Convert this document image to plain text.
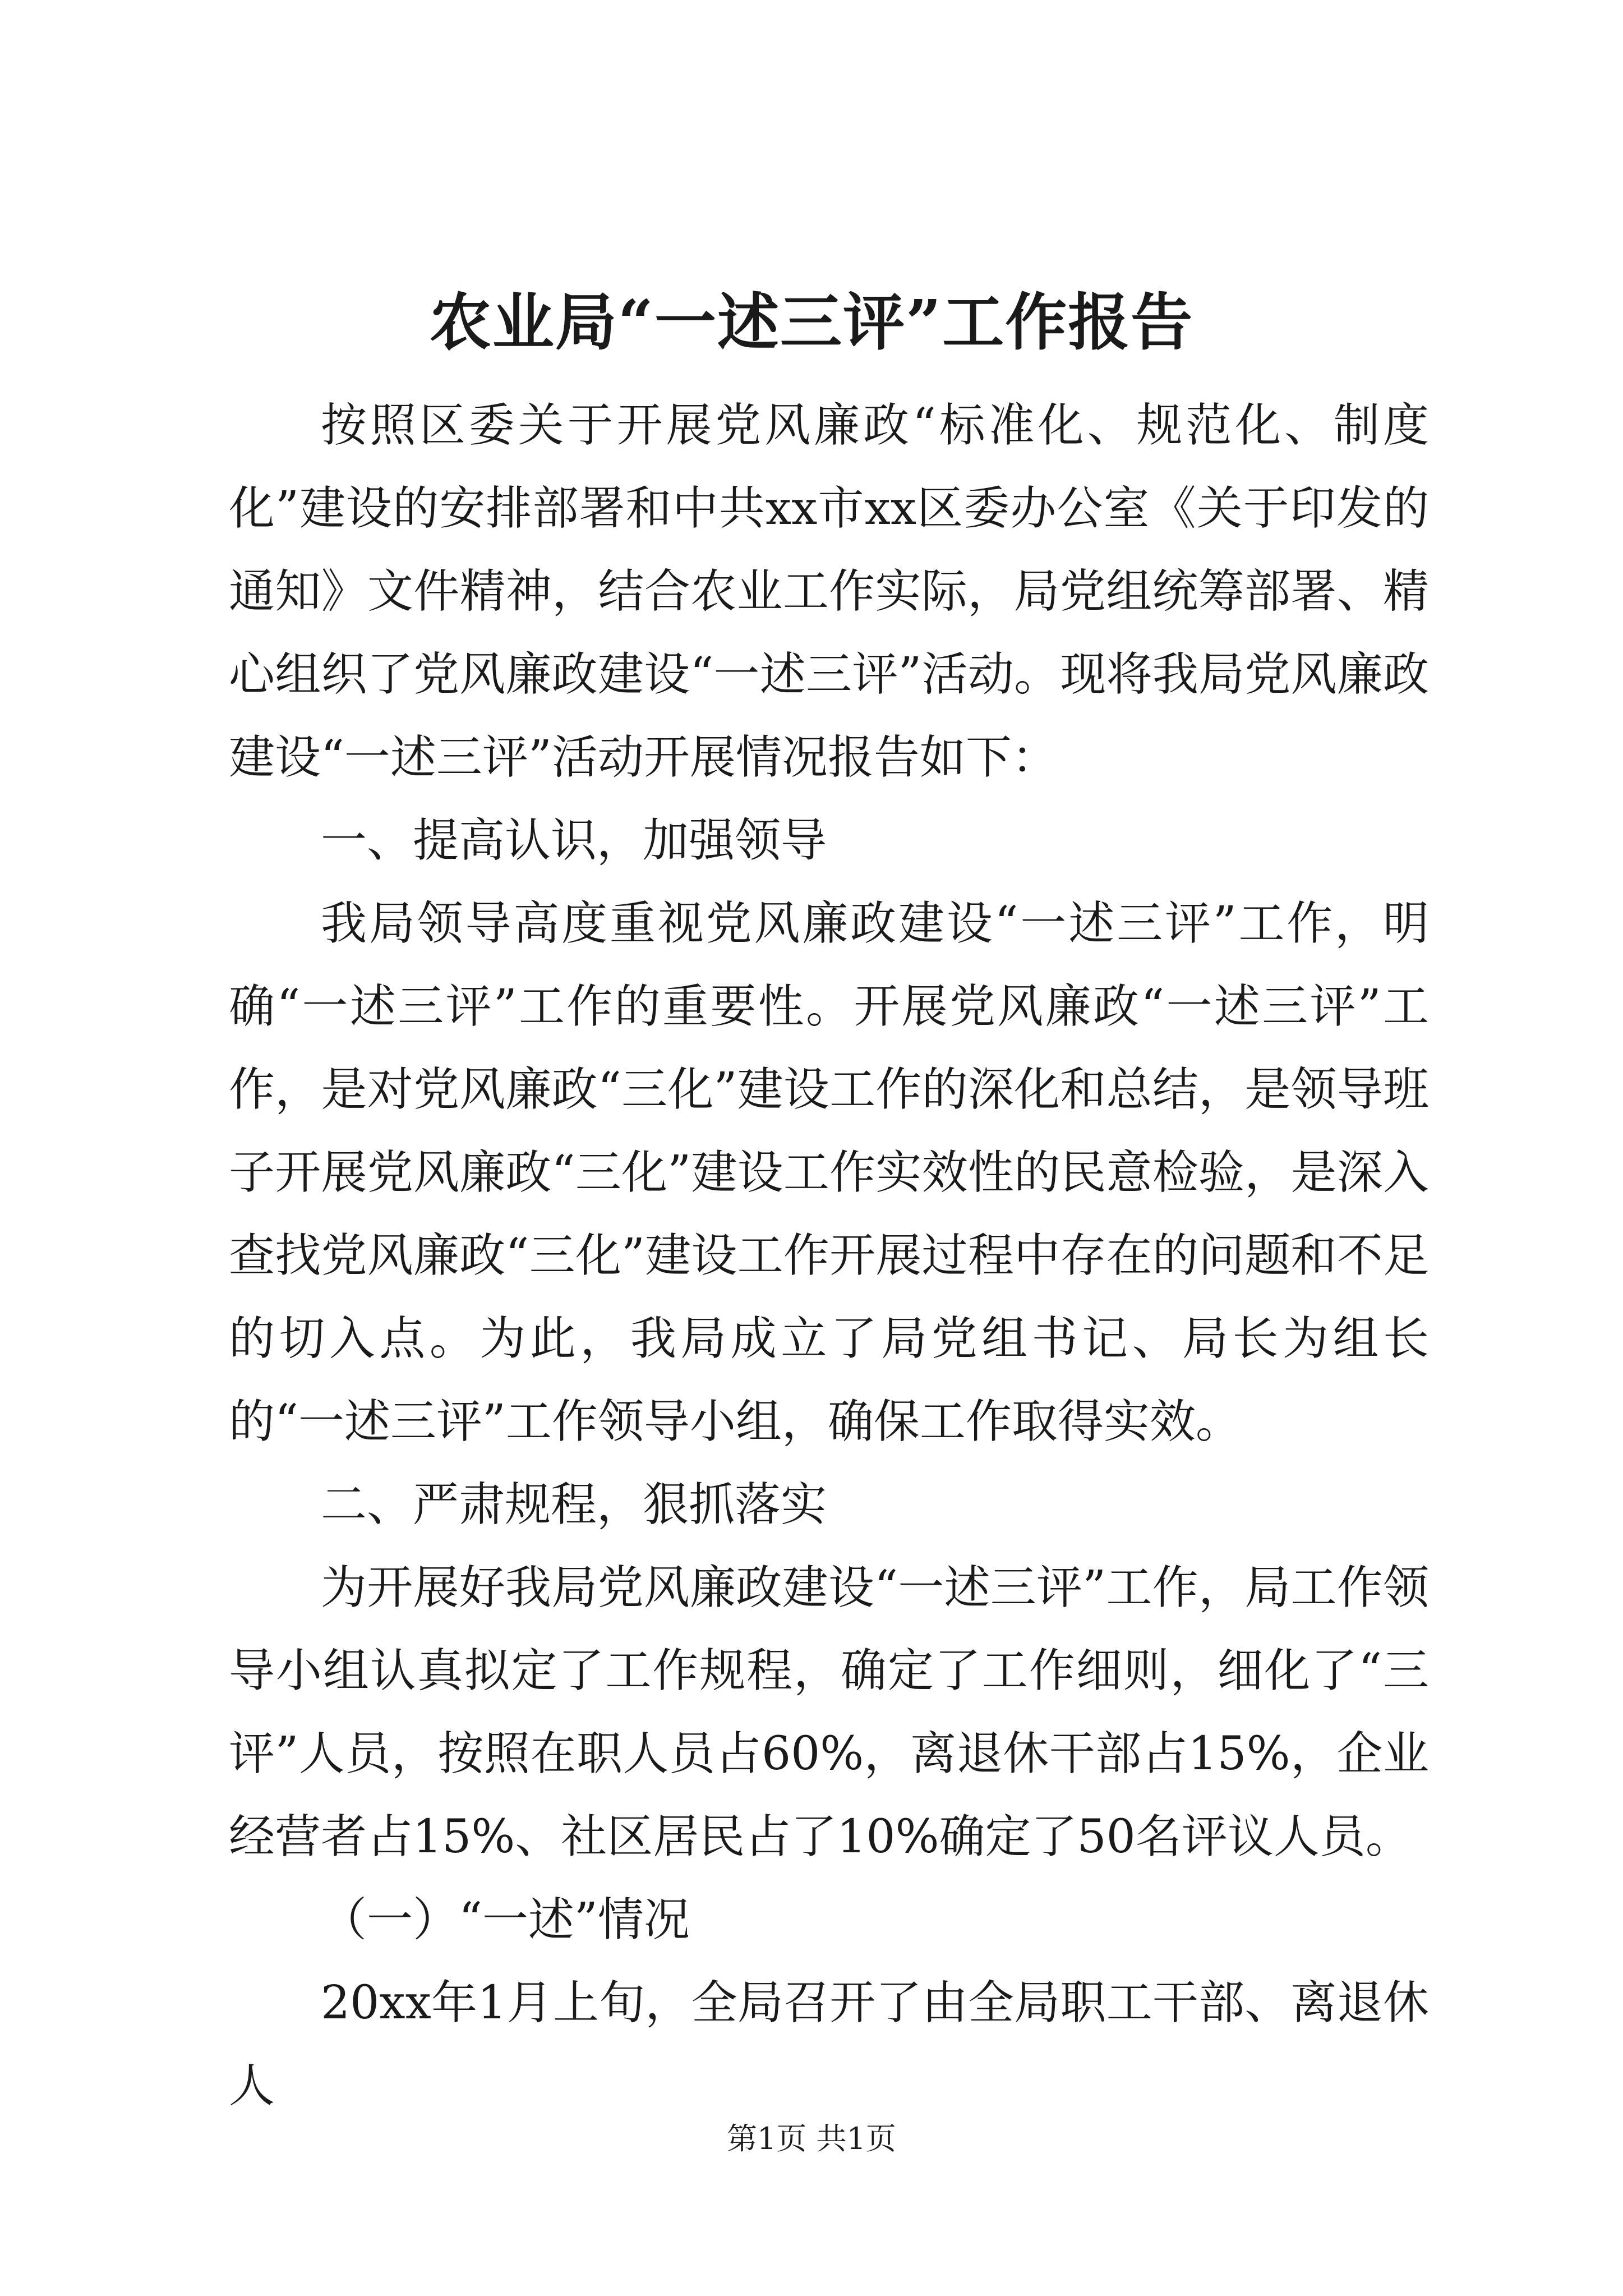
农业局“一述三评”工作报告

按照区委关于开展党风廉政“标准化、规范化、制度化”建设的安排部署和中共xx市xx区委办公室《关于印发的通知》文件精神，结合农业工作实际，局党组统筹部署、精心组织了党风廉政建设“一述三评”活动。现将我局党风廉政建设“一述三评”活动开展情况报告如下：

一、提高认识，加强领导

我局领导高度重视党风廉政建设“一述三评”工作，明确“一述三评”工作的重要性。开展党风廉政“一述三评”工作，是对党风廉政“三化”建设工作的深化和总结，是领导班子开展党风廉政“三化”建设工作实效性的民意检验，是深入查找党风廉政“三化”建设工作开展过程中存在的问题和不足的切入点。为此，我局成立了局党组书记、局长为组长的“一述三评”工作领导小组，确保工作取得实效。

二、严肃规程，狠抓落实

为开展好我局党风廉政建设“一述三评”工作，局工作领导小组认真拟定了工作规程，确定了工作细则，细化了“三评”人员，按照在职人员占60%，离退休干部占15%，企业经营者占15%、社区居民占了10%确定了50名评议人员。

（一）“一述”情况

20xx年1月上旬，全局召开了由全局职工干部、离退休人

第1页 共1页
